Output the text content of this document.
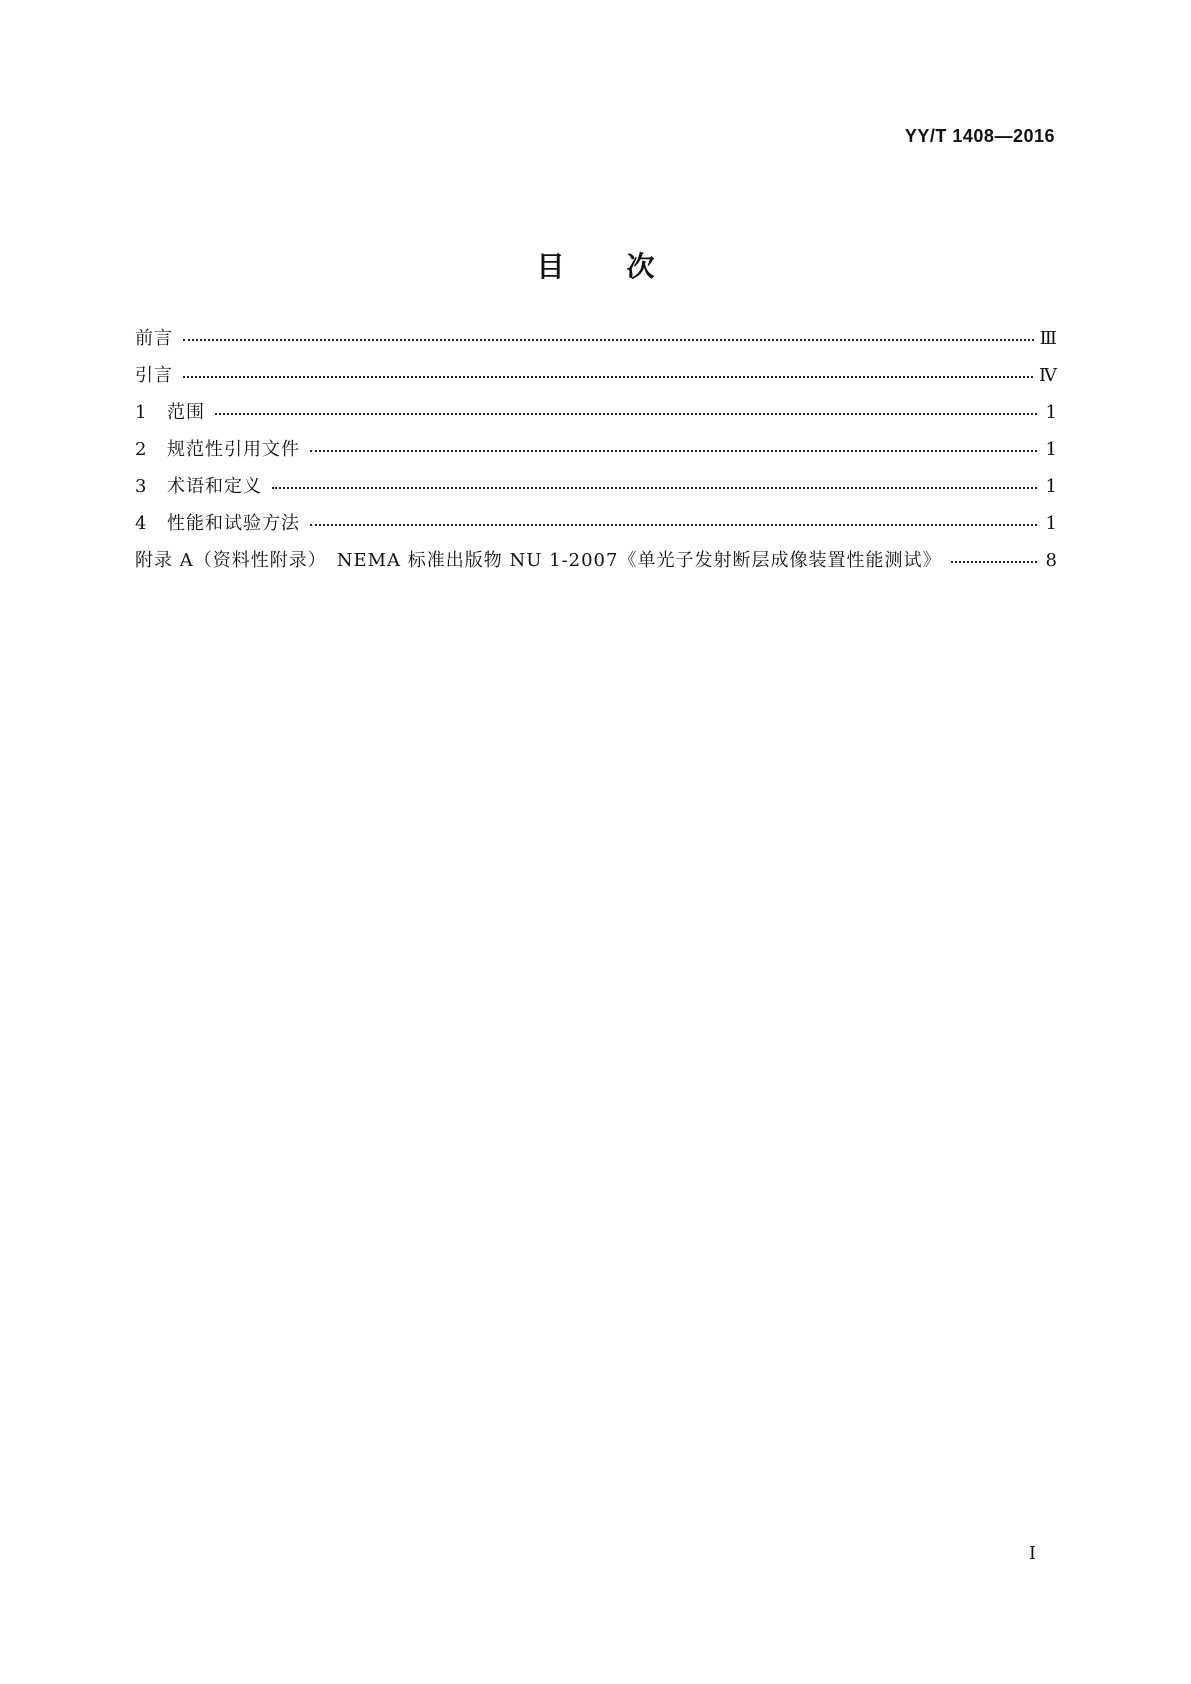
YY/T 1408—2016
目次
前言	Ⅲ
引言	Ⅳ
1	范围	1
2	规范性引用文件	1
3	术语和定义	1
4	性能和试验方法	1
附录 A（资料性附录）　NEMA 标准出版物 NU 1-2007《单光子发射断层成像装置性能测试》	8
Ⅰ
